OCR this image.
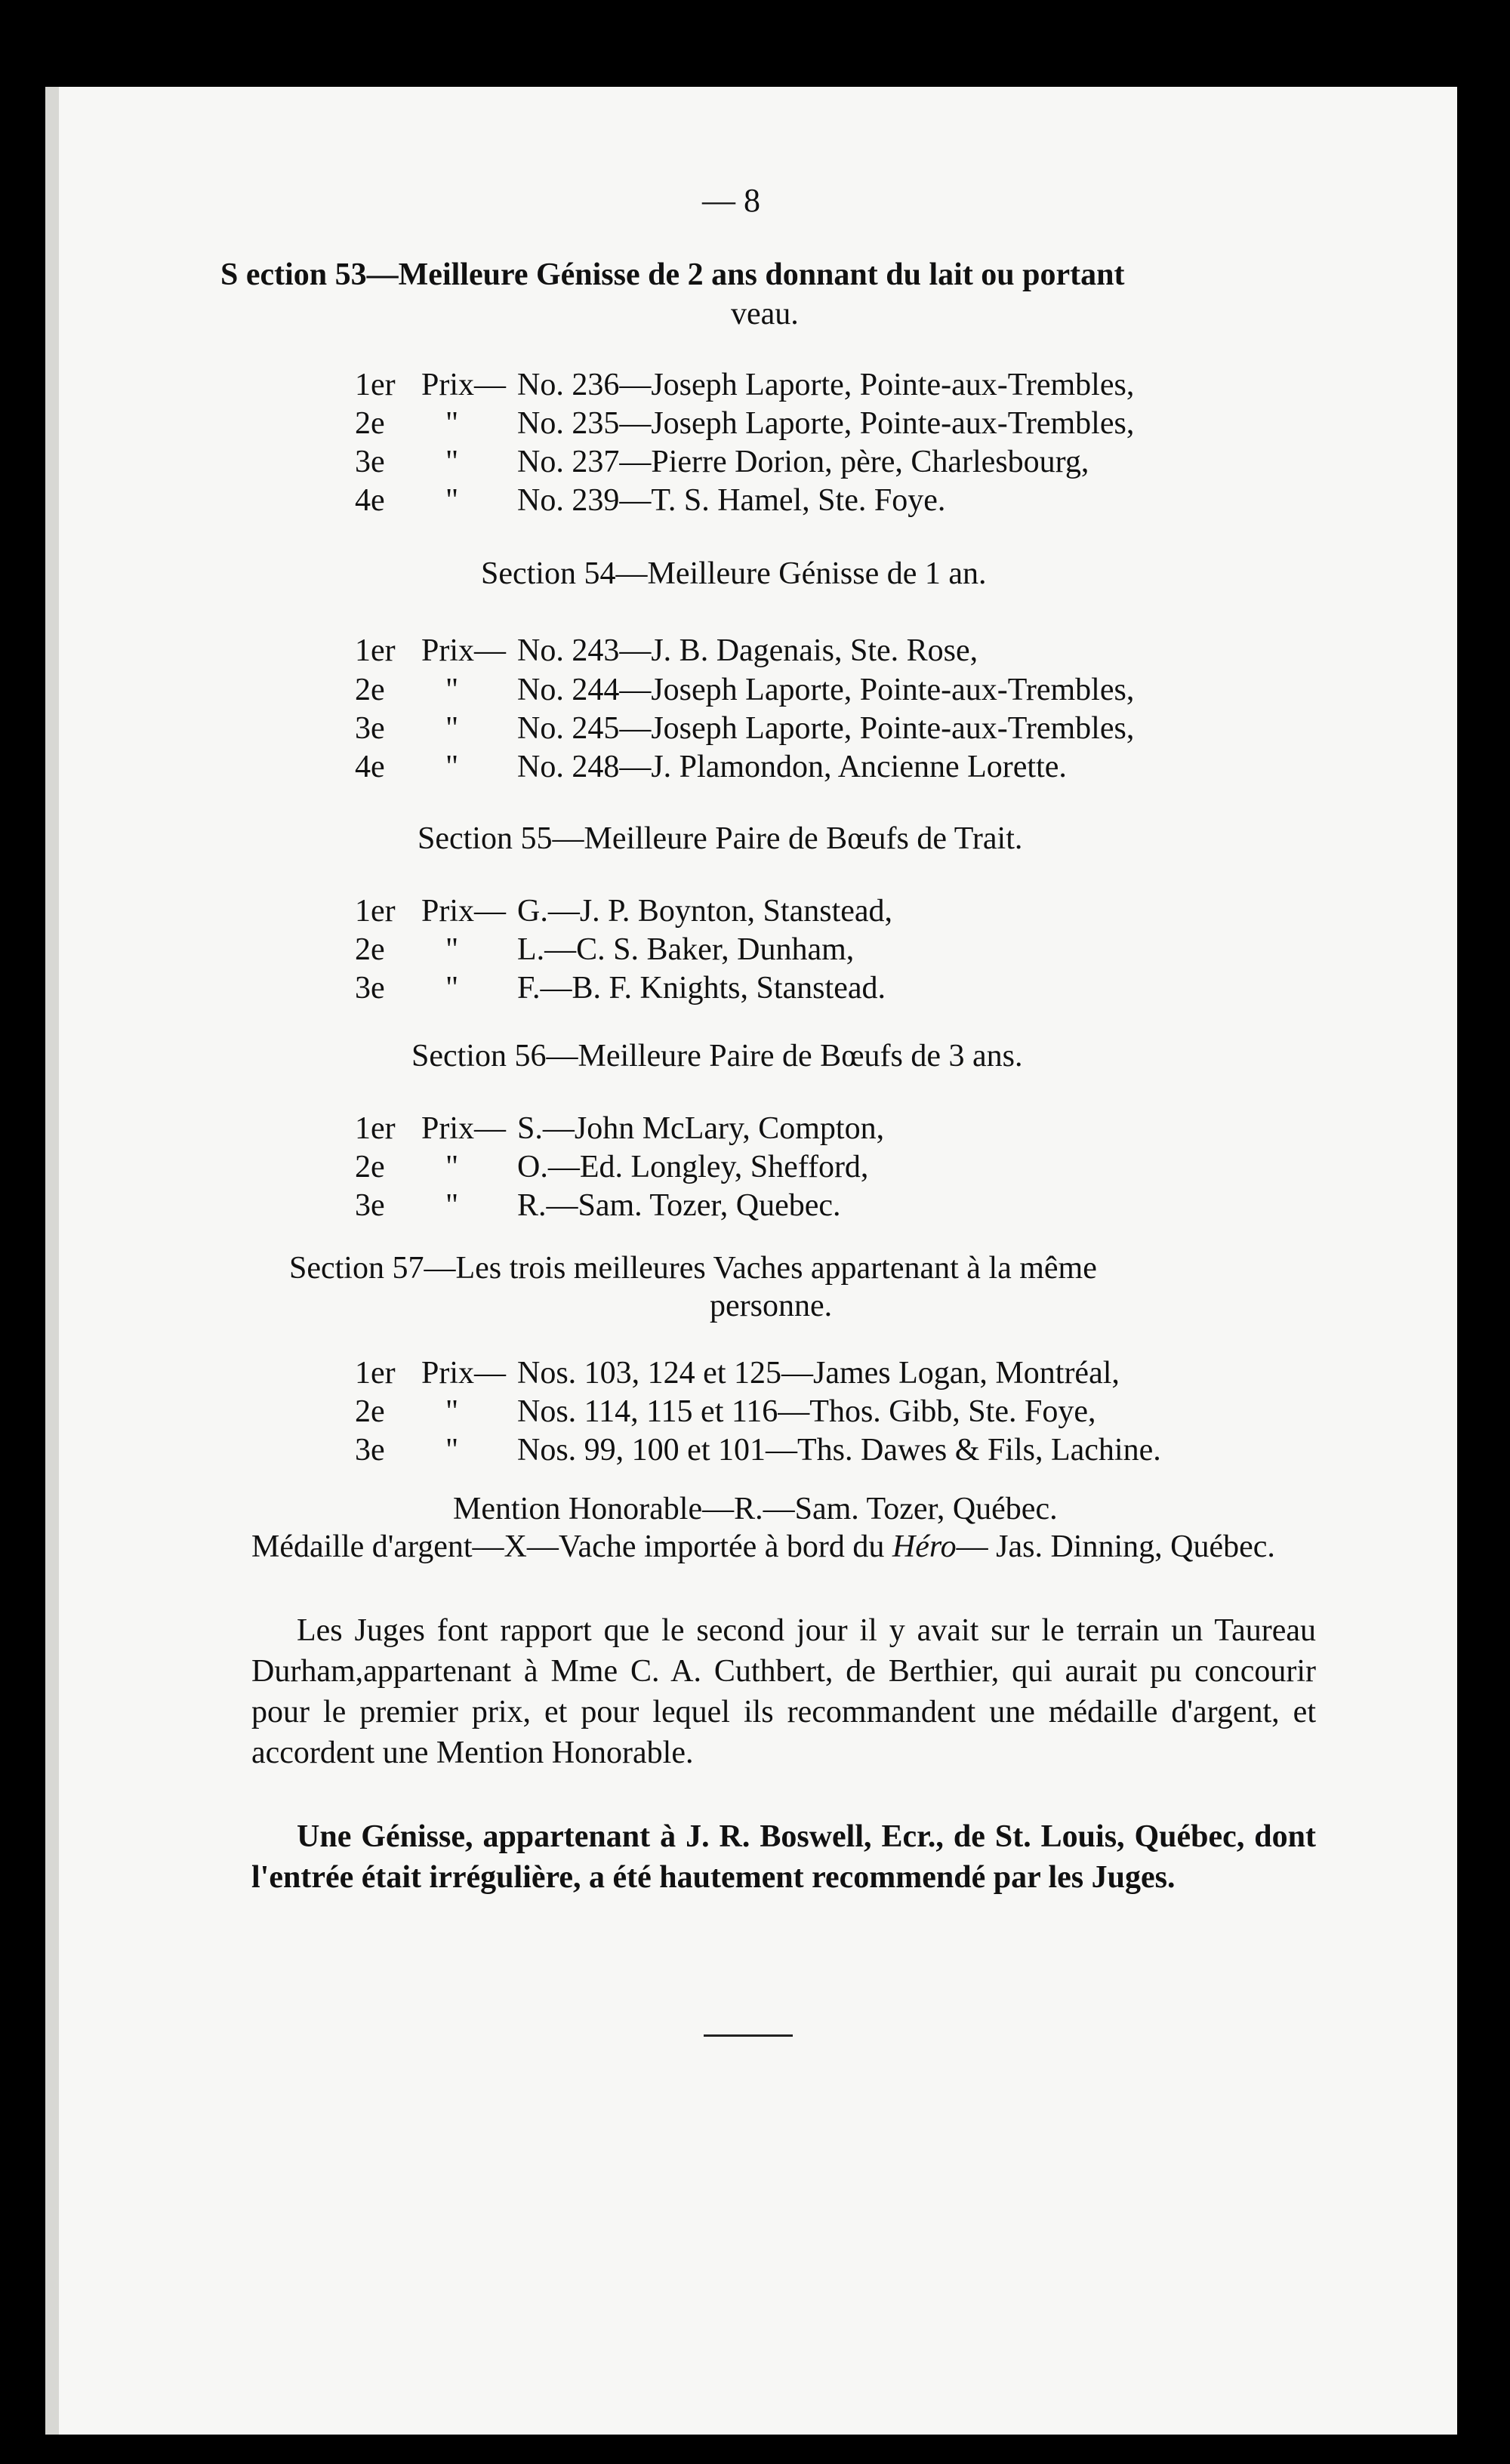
— 8
S ection 53—Meilleure Génisse de 2 ans donnant du lait ou portant
veau.
1er Prix— No. 236—Joseph Laporte, Pointe-aux-Trembles,
2e " No. 235—Joseph Laporte, Pointe-aux-Trembles,
3e " No. 237—Pierre Dorion, père, Charlesbourg,
4e " No. 239—T. S. Hamel, Ste. Foye.
Section 54—Meilleure Génisse de 1 an.
1er Prix— No. 243—J. B. Dagenais, Ste. Rose,
2e " No. 244—Joseph Laporte, Pointe-aux-Trembles,
3e " No. 245—Joseph Laporte, Pointe-aux-Trembles,
4e " No. 248—J. Plamondon, Ancienne Lorette.
Section 55—Meilleure Paire de Bœufs de Trait.
1er Prix— G.—J. P. Boynton, Stanstead,
2e " L.—C. S. Baker, Dunham,
3e " F.—B. F. Knights, Stanstead.
Section 56—Meilleure Paire de Bœufs de 3 ans.
1er Prix— S.—John McLary, Compton,
2e " O.—Ed. Longley, Shefford,
3e " R.—Sam. Tozer, Quebec.
Section 57—Les trois meilleures Vaches appartenant à la même
personne.
1er Prix— Nos. 103, 124 et 125—James Logan, Montréal,
2e " Nos. 114, 115 et 116—Thos. Gibb, Ste. Foye,
3e " Nos. 99, 100 et 101—Ths. Dawes & Fils, Lachine.
Mention Honorable—R.—Sam. Tozer, Québec.
Médaille d'argent—X—Vache importée à bord du Héro— Jas. Dinning, Québec.
Les Juges font rapport que le second jour il y avait sur le terrain un Taureau Durham,appartenant à Mme C. A. Cuthbert, de Berthier, qui aurait pu concourir pour le premier prix, et pour lequel ils recommandent une médaille d'argent, et accordent une Mention Honorable.
Une Génisse, appartenant à J. R. Boswell, Ecr., de St. Louis, Québec, dont l'entrée était irrégulière, a été hautement recommendé par les Juges.
